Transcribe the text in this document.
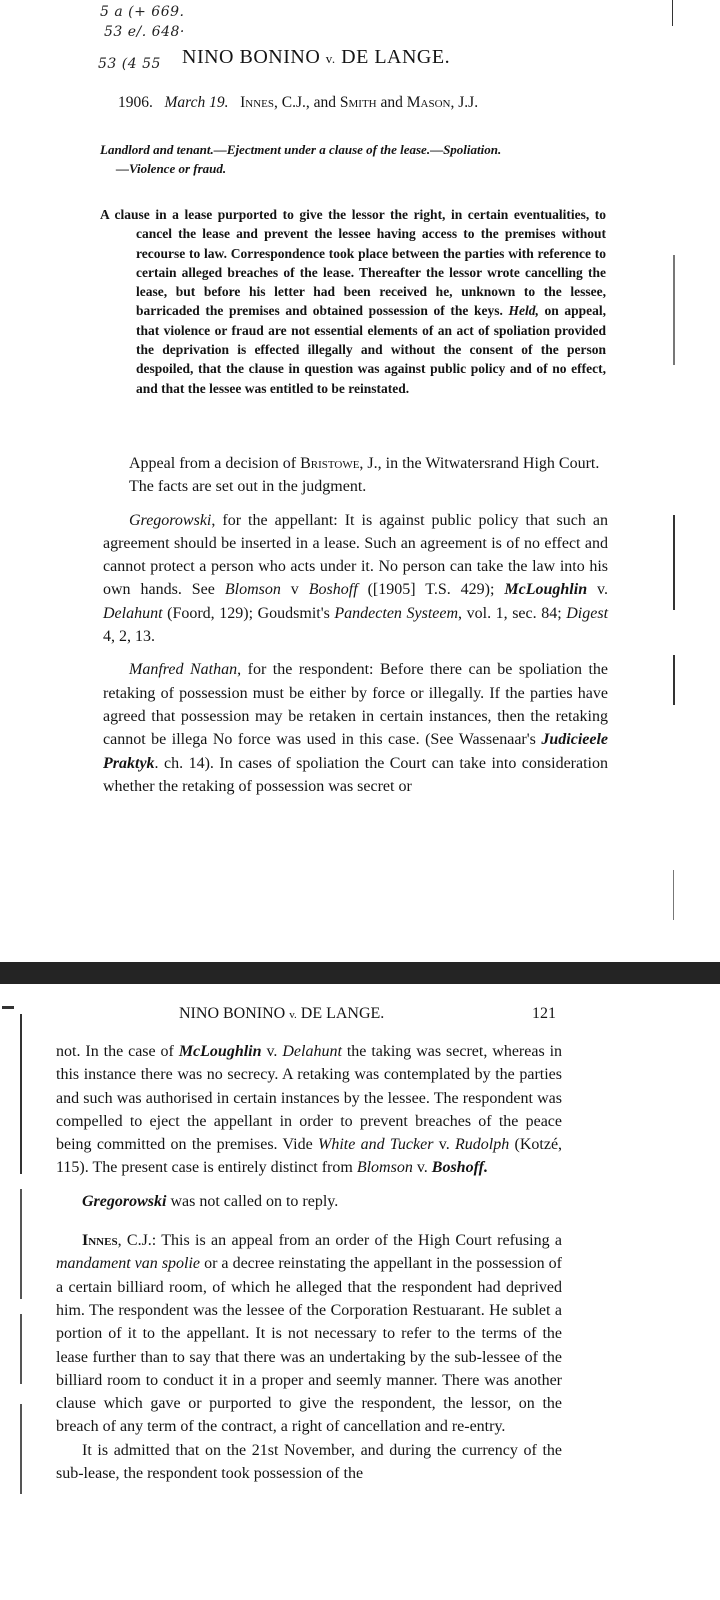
5 a (+ 669.
53 e/. 648·
53 (4 55 NINO BONINO v. DE LANGE.
1906. March 19. Innes, C.J., and Smith and Mason, J.J.
Landlord and tenant.—Ejectment under a clause of the lease.—Spoliation.
—Violence or fraud.
A clause in a lease purported to give the lessor the right, in certain eventualities, to cancel the lease and prevent the lessee having access to the premises without recourse to law. Correspondence took place between the parties with reference to certain alleged breaches of the lease. Thereafter the lessor wrote cancelling the lease, but before his letter had been received he, unknown to the lessee, barricaded the premises and obtained possession of the keys. Held, on appeal, that violence or fraud are not essential elements of an act of spoliation provided the deprivation is effected illegally and without the consent of the person despoiled, that the clause in question was against public policy and of no effect, and that the lessee was entitled to be reinstated.

Appeal from a decision of Bristowe, J., in the Witwatersrand High Court.

The facts are set out in the judgment.

Gregorowski, for the appellant: It is against public policy that such an agreement should be inserted in a lease. Such an agreement is of no effect and cannot protect a person who acts under it. No person can take the law into his own hands. See Blomson v Boshoff ([1905] T.S. 429); McLoughlin v. Delahunt (Foord, 129); Goudsmit's Pandecten Systeem, vol. 1, sec. 84; Digest 4, 2, 13.

Manfred Nathan, for the respondent: Before there can be spoliation the retaking of possession must be either by force or illegally. If the parties have agreed that possession may be retaken in certain instances, then the retaking cannot be illega No force was used in this case. (See Wassenaar's Judicieele Praktyk. ch. 14). In cases of spoliation the Court can take into consideration whether the retaking of possession was secret or

NINO BONINO v. DE LANGE.	121

not. In the case of McLoughlin v. Delahunt the taking was secret, whereas in this instance there was no secrecy. A retaking was contemplated by the parties and such was authorised in certain instances by the lessee. The respondent was compelled to eject the appellant in order to prevent breaches of the peace being committed on the premises. Vide White and Tucker v. Rudolph (Kotzé, 115). The present case is entirely distinct from Blomson v. Boshoff.

Gregorowski was not called on to reply.

Innes, C.J.: This is an appeal from an order of the High Court refusing a mandament van spolie or a decree reinstating the appellant in the possession of a certain billiard room, of which he alleged that the respondent had deprived him. The respondent was the lessee of the Corporation Restuarant. He sublet a portion of it to the appellant. It is not necessary to refer to the terms of the lease further than to say that there was an undertaking by the sub-lessee of the billiard room to conduct it in a proper and seemly manner. There was another clause which gave or purported to give the respondent, the lessor, on the breach of any term of the contract, a right of cancellation and re-entry.

It is admitted that on the 21st November, and during the currency of the sub-lease, the respondent took possession of the
